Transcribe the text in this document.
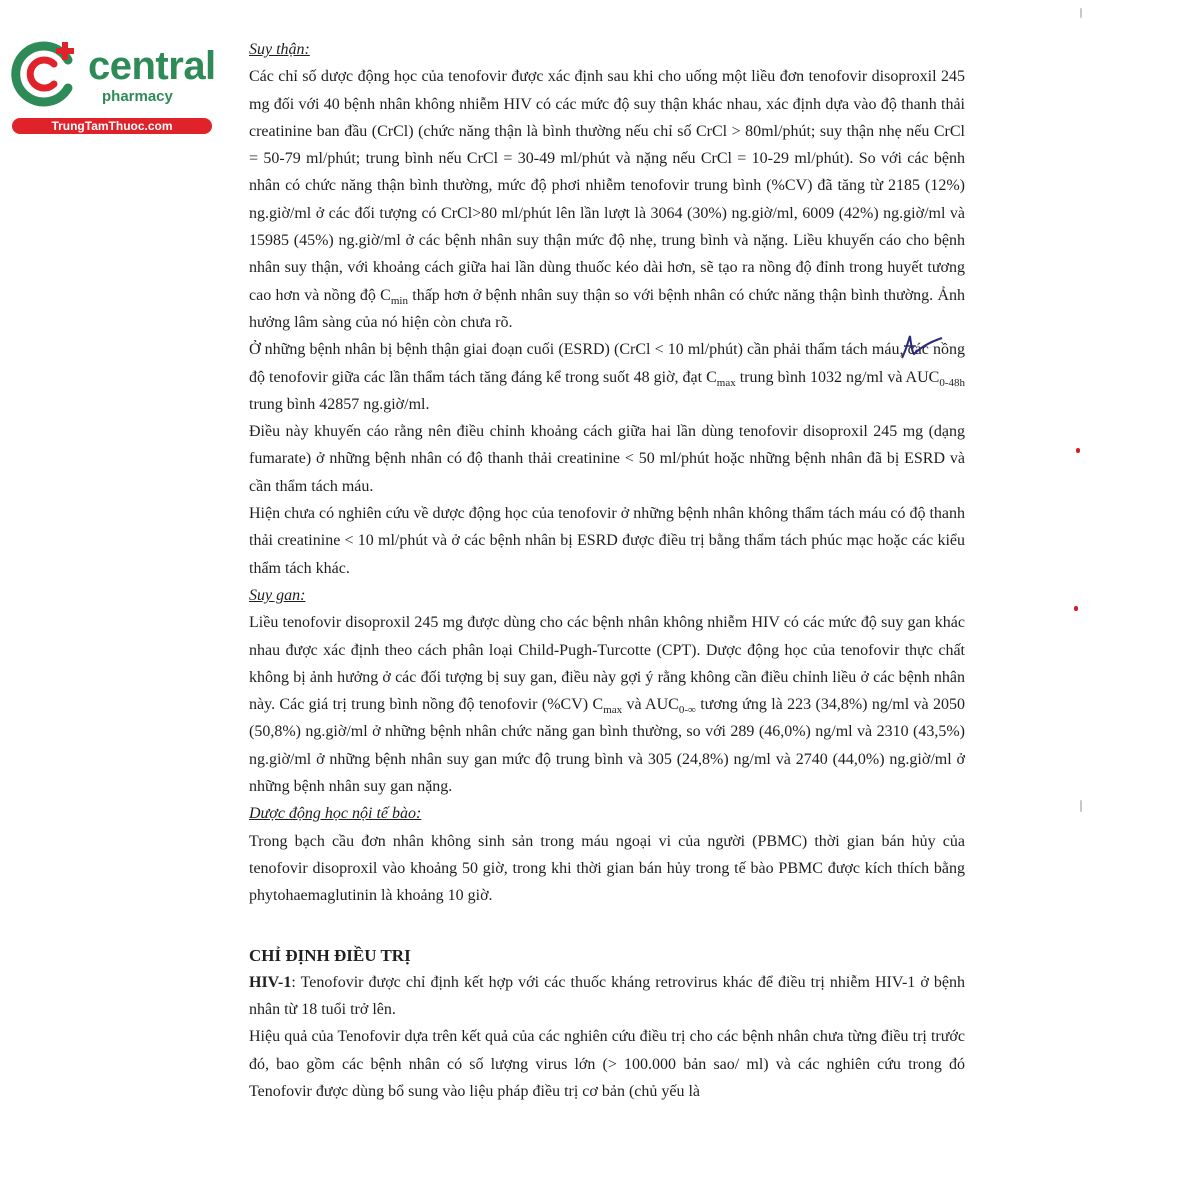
central
pharmacy
TrungTamThuoc.com

Suy thận:

Các chỉ số dược động học của tenofovir được xác định sau khi cho uống một liều đơn tenofovir disoproxil 245 mg đối với 40 bệnh nhân không nhiễm HIV có các mức độ suy thận khác nhau, xác định dựa vào độ thanh thải creatinine ban đầu (CrCl) (chức năng thận là bình thường nếu chỉ số CrCl > 80ml/phút; suy thận nhẹ nếu CrCl = 50-79 ml/phút; trung bình nếu CrCl = 30-49 ml/phút và nặng nếu CrCl = 10-29 ml/phút). So với các bệnh nhân có chức năng thận bình thường, mức độ phơi nhiễm tenofovir trung bình (%CV) đã tăng từ 2185 (12%) ng.giờ/ml ở các đối tượng có CrCl>80 ml/phút lên lần lượt là 3064 (30%) ng.giờ/ml, 6009 (42%) ng.giờ/ml và 15985 (45%) ng.giờ/ml ở các bệnh nhân suy thận mức độ nhẹ, trung bình và nặng. Liều khuyến cáo cho bệnh nhân suy thận, với khoảng cách giữa hai lần dùng thuốc kéo dài hơn, sẽ tạo ra nồng độ đỉnh trong huyết tương cao hơn và nồng độ $C_{min}$ thấp hơn ở bệnh nhân suy thận so với bệnh nhân có chức năng thận bình thường. Ảnh hưởng lâm sàng của nó hiện còn chưa rõ.

Ở những bệnh nhân bị bệnh thận giai đoạn cuối (ESRD) (CrCl < 10 ml/phút) cần phải thẩm tách máu, các nồng độ tenofovir giữa các lần thẩm tách tăng đáng kể trong suốt 48 giờ, đạt $C_{max}$ trung bình 1032 ng/ml và $AUC_{0-48h}$ trung bình 42857 ng.giờ/ml.

Điều này khuyến cáo rằng nên điều chỉnh khoảng cách giữa hai lần dùng tenofovir disoproxil 245 mg (dạng fumarate) ở những bệnh nhân có độ thanh thải creatinine < 50 ml/phút hoặc những bệnh nhân đã bị ESRD và cần thẩm tách máu.

Hiện chưa có nghiên cứu về dược động học của tenofovir ở những bệnh nhân không thẩm tách máu có độ thanh thải creatinine < 10 ml/phút và ở các bệnh nhân bị ESRD được điều trị bằng thẩm tách phúc mạc hoặc các kiểu thẩm tách khác.

Suy gan:

Liều tenofovir disoproxil 245 mg được dùng cho các bệnh nhân không nhiễm HIV có các mức độ suy gan khác nhau được xác định theo cách phân loại Child-Pugh-Turcotte (CPT). Dược động học của tenofovir thực chất không bị ảnh hưởng ở các đối tượng bị suy gan, điều này gợi ý rằng không cần điều chỉnh liều ở các bệnh nhân này. Các giá trị trung bình nồng độ tenofovir (%CV) $C_{max}$ và $AUC_{0-\infty}$ tương ứng là 223 (34,8%) ng/ml và 2050 (50,8%) ng.giờ/ml ở những bệnh nhân chức năng gan bình thường, so với 289 (46,0%) ng/ml và 2310 (43,5%) ng.giờ/ml ở những bệnh nhân suy gan mức độ trung bình và 305 (24,8%) ng/ml và 2740 (44,0%) ng.giờ/ml ở những bệnh nhân suy gan nặng.

Dược động học nội tế bào:

Trong bạch cầu đơn nhân không sinh sản trong máu ngoại vi của người (PBMC) thời gian bán hủy của tenofovir disoproxil vào khoảng 50 giờ, trong khi thời gian bán hủy trong tế bào PBMC được kích thích bằng phytohaemaglutinin là khoảng 10 giờ.

CHỈ ĐỊNH ĐIỀU TRỊ

HIV-1: Tenofovir được chỉ định kết hợp với các thuốc kháng retrovirus khác để điều trị nhiễm HIV-1 ở bệnh nhân từ 18 tuổi trở lên.

Hiệu quả của Tenofovir dựa trên kết quả của các nghiên cứu điều trị cho các bệnh nhân chưa từng điều trị trước đó, bao gồm các bệnh nhân có số lượng virus lớn (> 100.000 bản sao/ ml) và các nghiên cứu trong đó Tenofovir được dùng bổ sung vào liệu pháp điều trị cơ bản (chủ yếu là
